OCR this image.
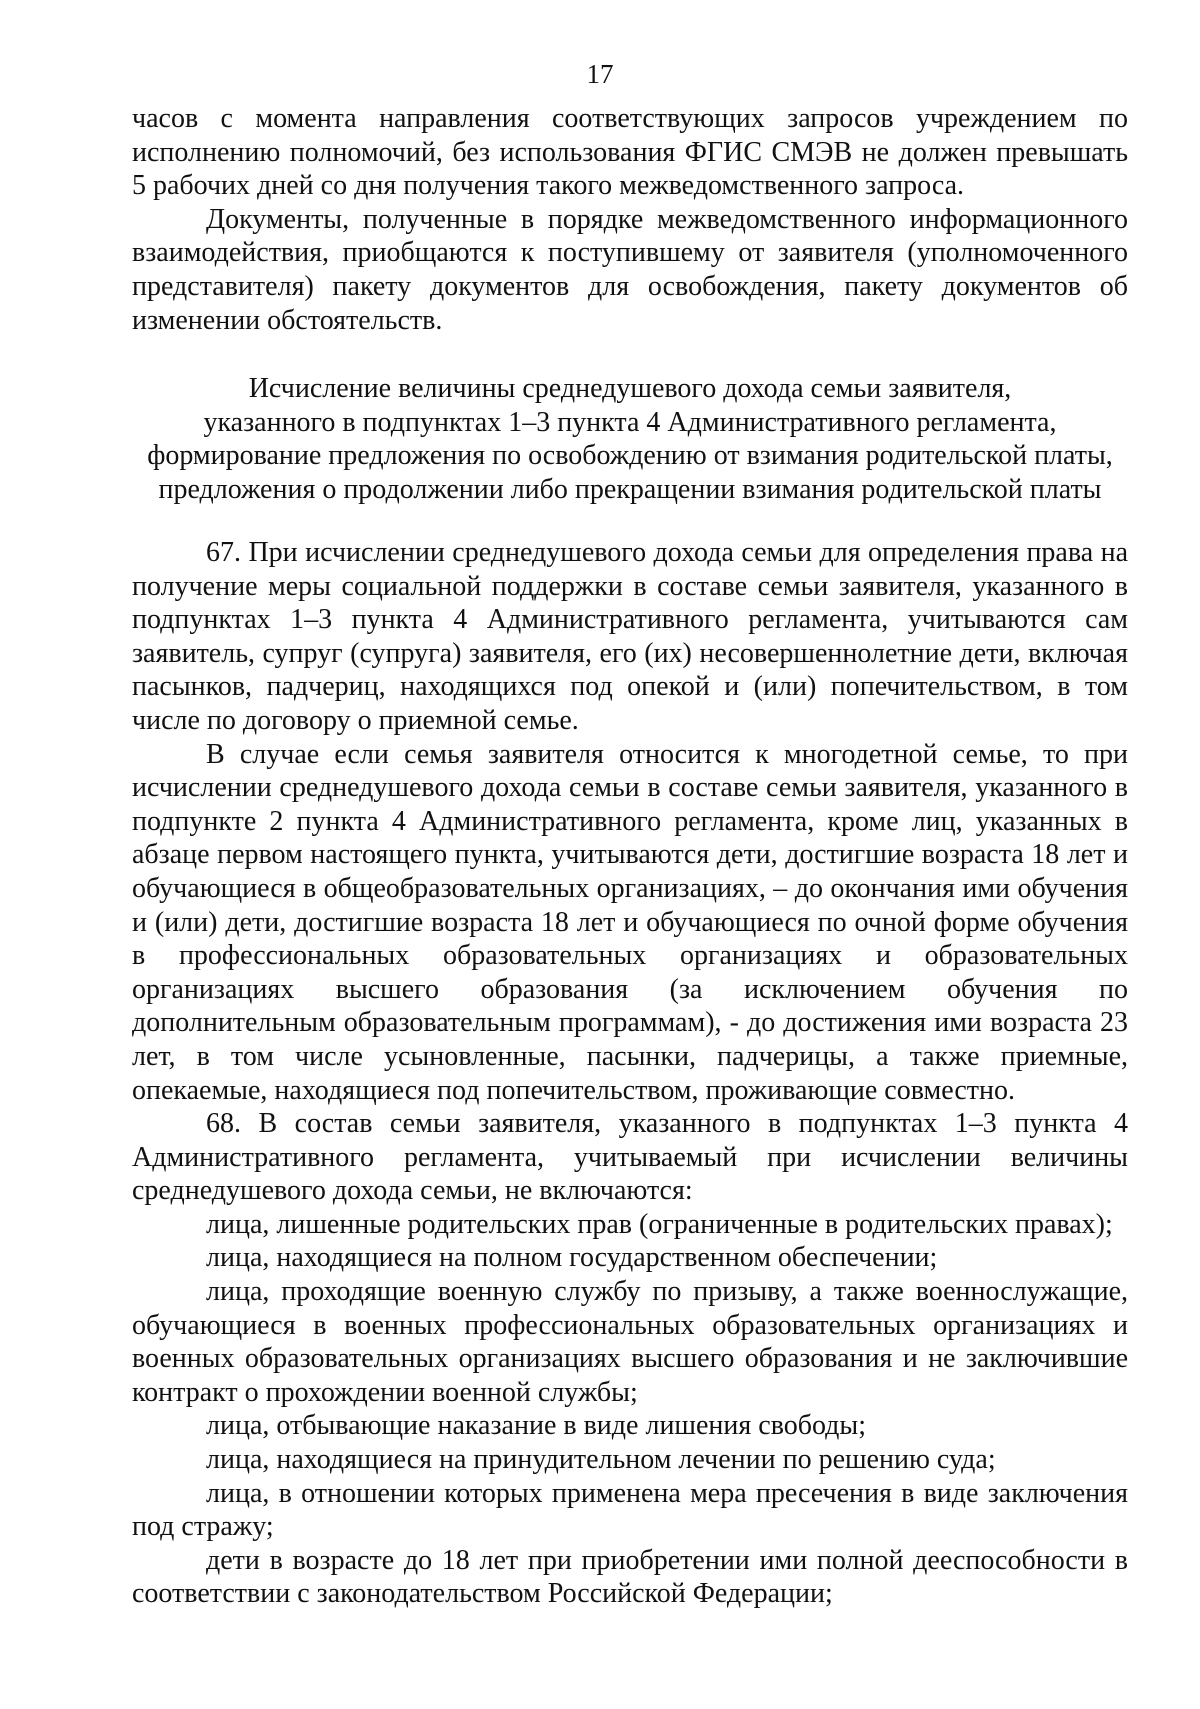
17

часов с момента направления соответствующих запросов учреждением по исполнению полномочий, без использования ФГИС СМЭВ не должен превышать 5 рабочих дней со дня получения такого межведомственного запроса.

Документы, полученные в порядке межведомственного информационного взаимодействия, приобщаются к поступившему от заявителя (уполномоченного представителя) пакету документов для освобождения, пакету документов об изменении обстоятельств.

Исчисление величины среднедушевого дохода семьи заявителя,

указанного в подпунктах 1–3 пункта 4 Административного регламента,

формирование предложения по освобождению от взимания родительской платы,

предложения о продолжении либо прекращении взимания родительской платы

67. При исчислении среднедушевого дохода семьи для определения права на получение меры социальной поддержки в составе семьи заявителя, указанного в подпунктах 1–3 пункта 4 Административного регламента, учитываются сам заявитель, супруг (супруга) заявителя, его (их) несовершеннолетние дети, включая пасынков, падчериц, находящихся под опекой и (или) попечительством, в том числе по договору о приемной семье.

В случае если семья заявителя относится к многодетной семье, то при исчислении среднедушевого дохода семьи в составе семьи заявителя, указанного в подпункте 2 пункта 4 Административного регламента, кроме лиц, указанных в абзаце первом настоящего пункта, учитываются дети, достигшие возраста 18 лет и обучающиеся в общеобразовательных организациях, – до окончания ими обучения и (или) дети, достигшие возраста 18 лет и обучающиеся по очной форме обучения в профессиональных образовательных организациях и образовательных организациях высшего образования (за исключением обучения по дополнительным образовательным программам), - до достижения ими возраста 23 лет, в том числе усыновленные, пасынки, падчерицы, а также приемные, опекаемые, находящиеся под попечительством, проживающие совместно.

68. В состав семьи заявителя, указанного в подпунктах 1–3 пункта 4 Административного регламента, учитываемый при исчислении величины среднедушевого дохода семьи, не включаются:

лица, лишенные родительских прав (ограниченные в родительских правах);

лица, находящиеся на полном государственном обеспечении;

лица, проходящие военную службу по призыву, а также военнослужащие, обучающиеся в военных профессиональных образовательных организациях и военных образовательных организациях высшего образования и не заключившие контракт о прохождении военной службы;

лица, отбывающие наказание в виде лишения свободы;

лица, находящиеся на принудительном лечении по решению суда;

лица, в отношении которых применена мера пресечения в виде заключения под стражу;

дети в возрасте до 18 лет при приобретении ими полной дееспособности в соответствии с законодательством Российской Федерации;
